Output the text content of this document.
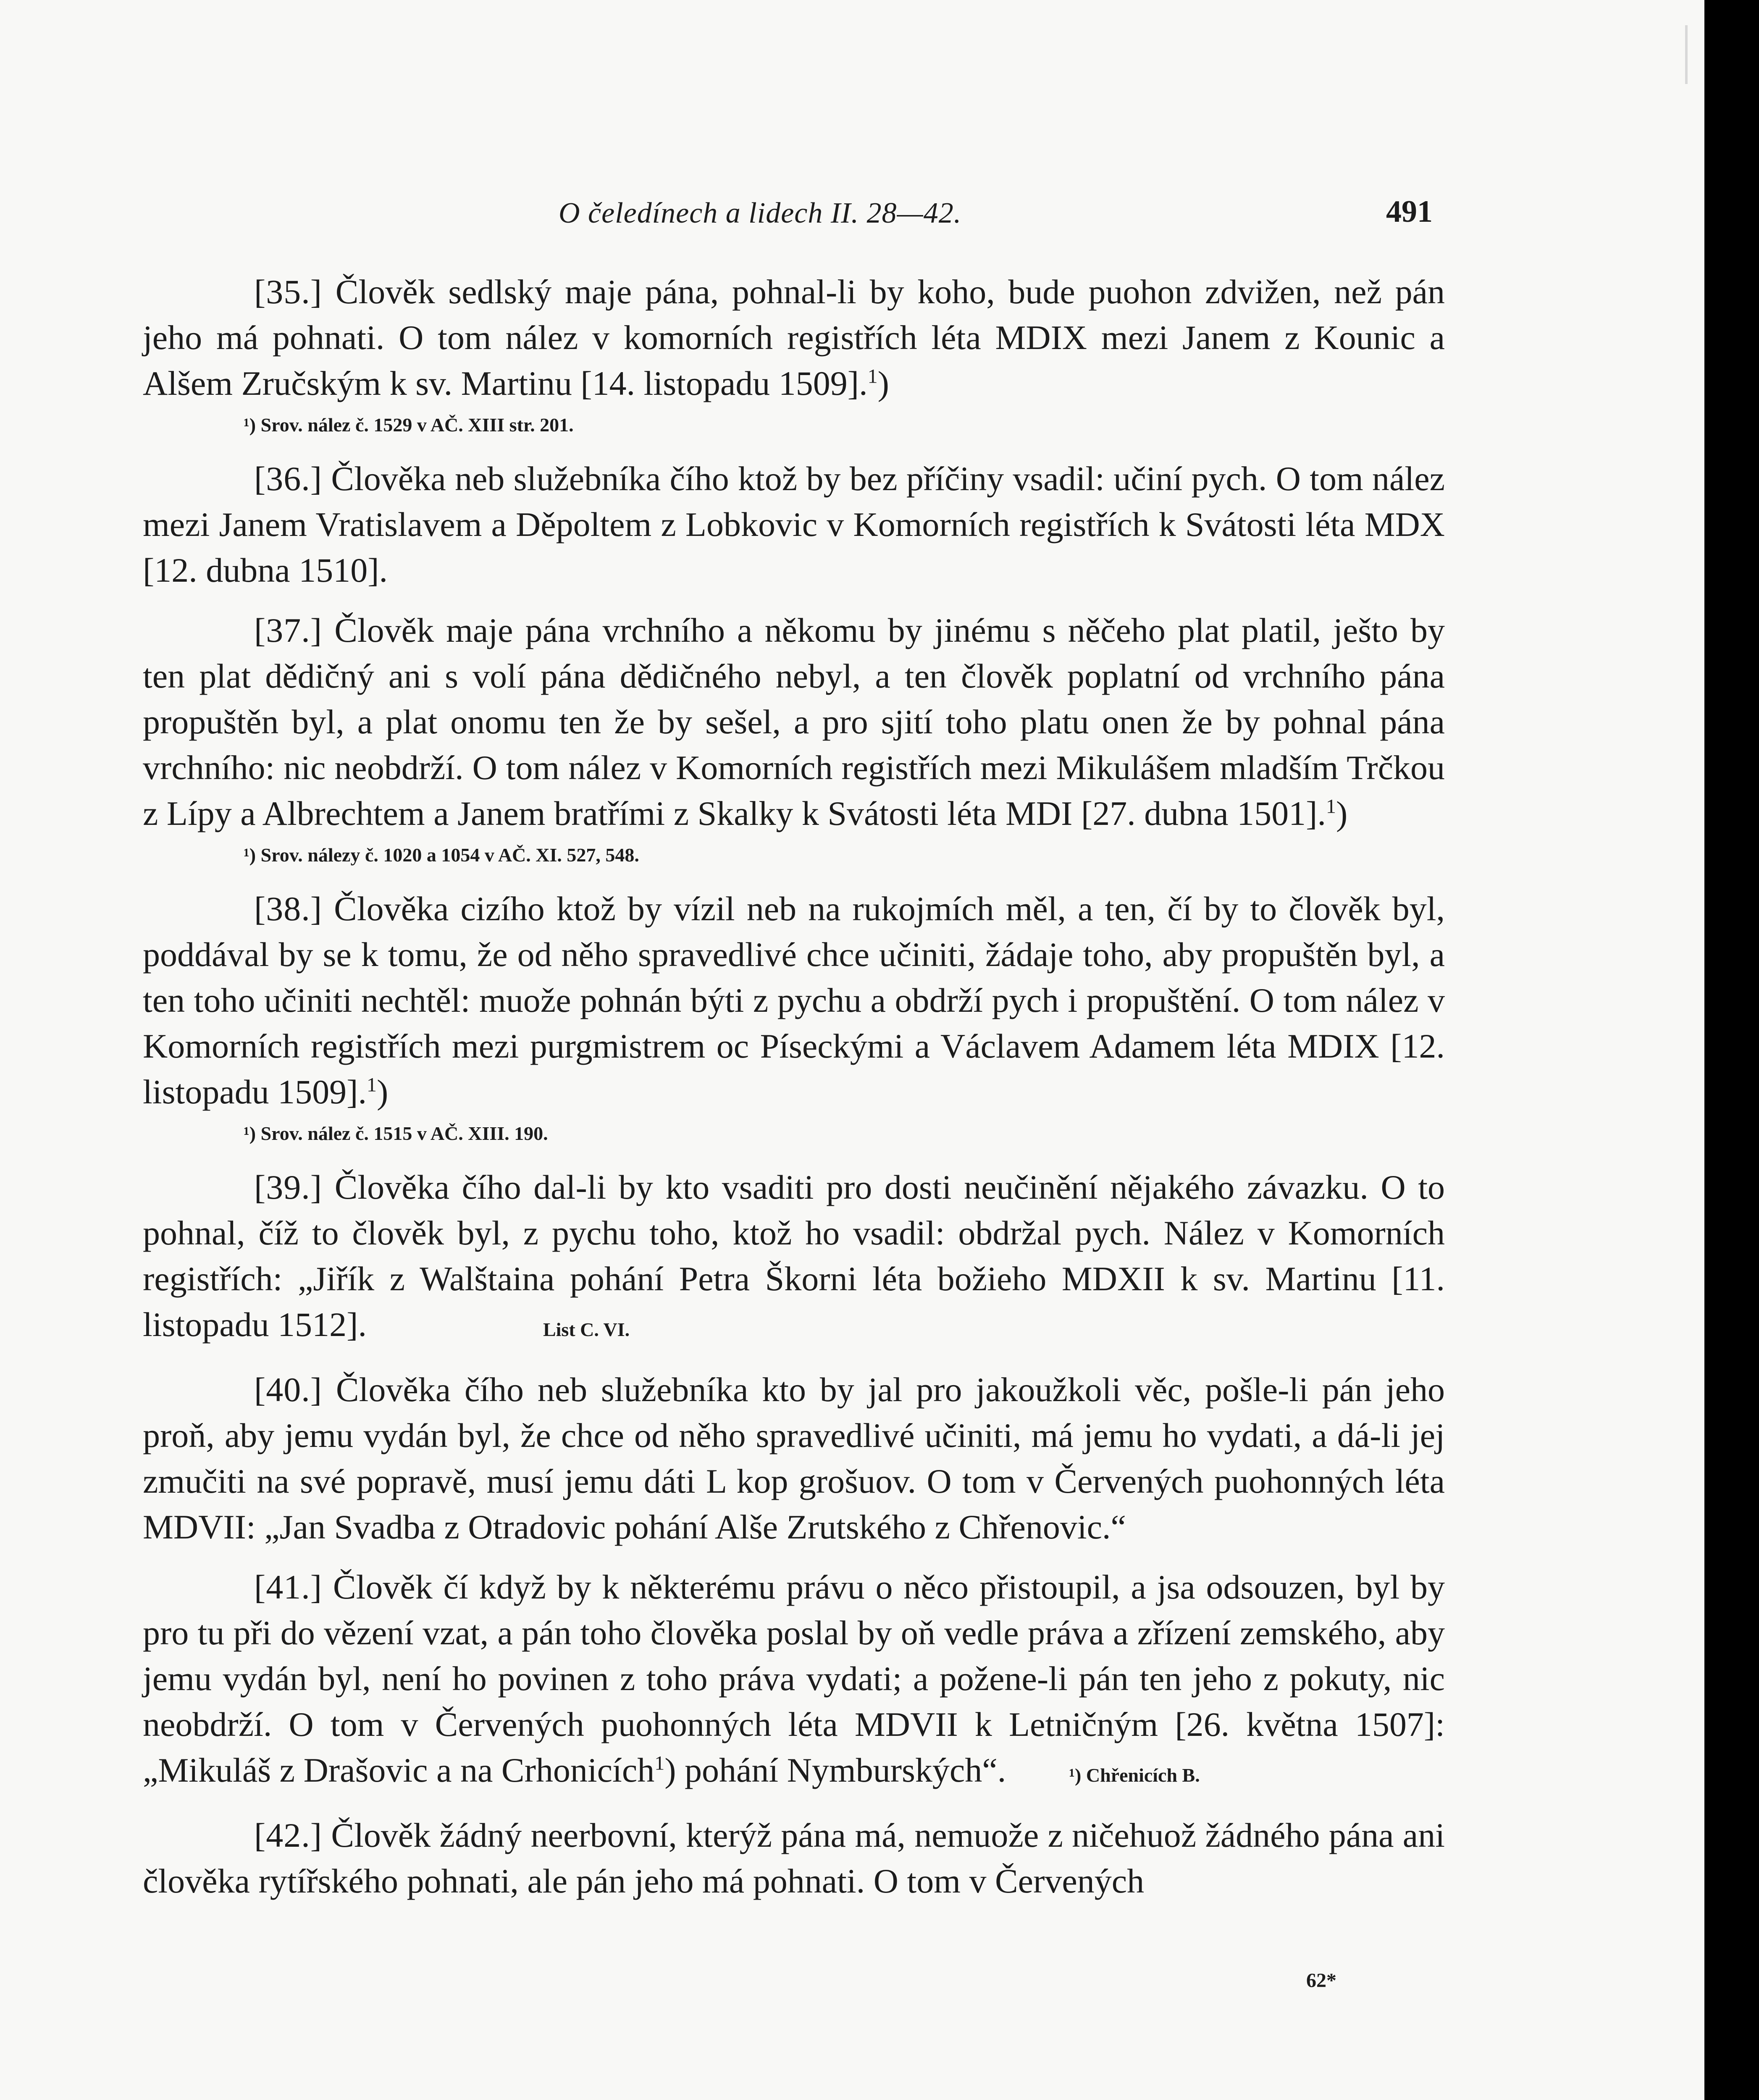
O čeledínech a lidech II. 28—42.	491

[35.] Člověk sedlský maje pána, pohnal-li by koho, bude puohon zdvižen, než pán jeho má pohnati. O tom nález v komorních registřích léta MDIX mezi Janem z Kounic a Alšem Zručským k sv. Martinu [14. listopadu 1509].$^1$)

¹) Srov. nález č. 1529 v AČ. XIII str. 201.

[36.] Člověka neb služebníka čího ktož by bez příčiny vsadil: učiní pych. O tom nález mezi Janem Vratislavem a Děpoltem z Lobkovic v Komorních registřích k Svátosti léta MDX [12. dubna 1510].

[37.] Člověk maje pána vrchního a někomu by jinému s něčeho plat platil, ješto by ten plat dědičný ani s volí pána dědičného nebyl, a ten člověk poplatní od vrchního pána propuštěn byl, a plat onomu ten že by sešel, a pro sjití toho platu onen že by pohnal pána vrchního: nic neobdrží. O tom nález v Komorních registřích mezi Mikulášem mladším Trčkou z Lípy a Albrechtem a Janem bratřími z Skalky k Svátosti léta MDI [27. dubna 1501].$^1$)

¹) Srov. nálezy č. 1020 a 1054 v AČ. XI. 527, 548.

[38.] Člověka cizího ktož by vízil neb na rukojmích měl, a ten, čí by to člověk byl, poddával by se k tomu, že od něho spravedlivé chce učiniti, žádaje toho, aby propuštěn byl, a ten toho učiniti nechtěl: muože pohnán býti z pychu a obdrží pych i propuštění. O tom nález v Komorních registřích mezi purgmistrem oc Píseckými a Václavem Adamem léta MDIX [12. listopadu 1509].$^1$)

¹) Srov. nález č. 1515 v AČ. XIII. 190.

[39.] Člověka čího dal-li by kto vsaditi pro dosti neučinění nějakého závazku. O to pohnal, číž to člověk byl, z pychu toho, ktož ho vsadil: obdržal pych. Nález v Komorních registřích: „Jiřík z Walštaina pohání Petra Škorni léta božieho MDXII k sv. Martinu [11. listopadu 1512].	List C. VI.

[40.] Člověka čího neb služebníka kto by jal pro jakoužkoli věc, pošle-li pán jeho proň, aby jemu vydán byl, že chce od něho spravedlivé učiniti, má jemu ho vydati, a dá-li jej zmučiti na své popravě, musí jemu dáti L kop grošuov. O tom v Červených puohonných léta MDVII: „Jan Svadba z Otradovic pohání Alše Zrutského z Chřenovic.“

[41.] Člověk čí když by k některému právu o něco přistoupil, a jsa odsouzen, byl by pro tu při do vězení vzat, a pán toho člověka poslal by oň vedle práva a zřízení zemského, aby jemu vydán byl, není ho povinen z toho práva vydati; a požene-li pán ten jeho z pokuty, nic neobdrží. O tom v Červených puohonných léta MDVII k Letničným [26. května 1507]: „Mikuláš z Drašovic a na Crhonicích$^1$) pohání Nymburských“.	¹) Chřenicích B.

[42.] Člověk žádný neerbovní, kterýž pána má, nemuože z ničehuož žádného pána ani člověka rytířského pohnati, ale pán jeho má pohnati. O tom v Červených

62*
